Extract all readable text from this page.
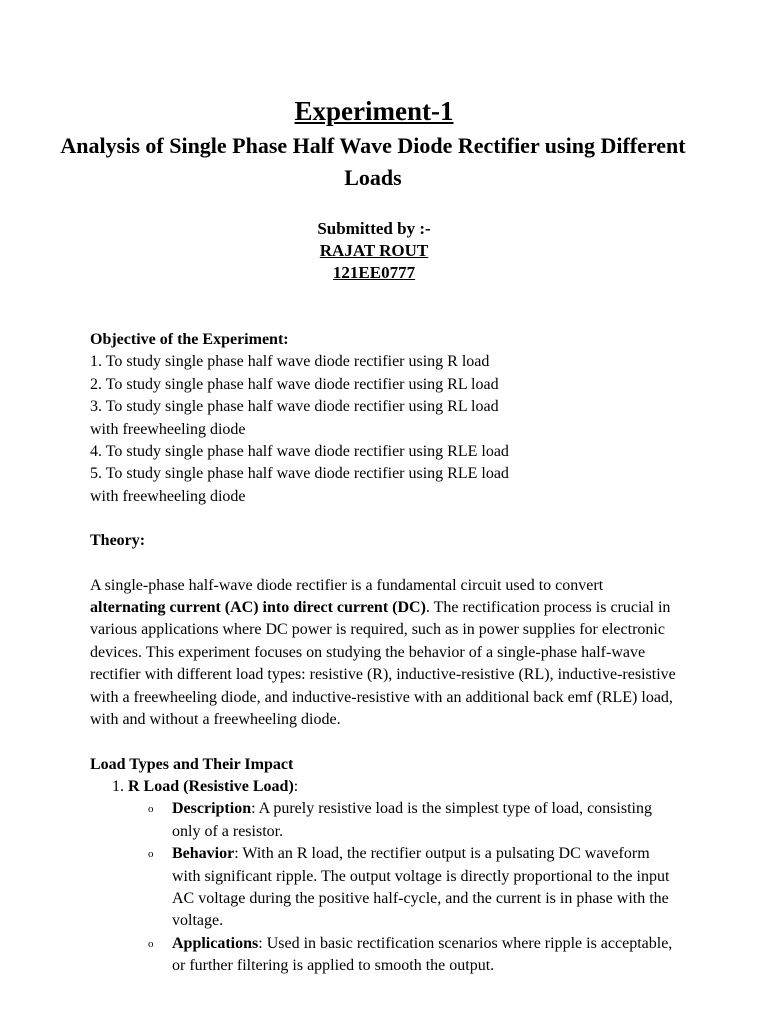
Experiment-1
Analysis of Single Phase Half Wave Diode Rectifier using Different Loads
Submitted by :-
RAJAT ROUT
121EE0777

Objective of the Experiment:

1. To study single phase half wave diode rectifier using R load

2. To study single phase half wave diode rectifier using RL load

3. To study single phase half wave diode rectifier using RL load

with freewheeling diode

4. To study single phase half wave diode rectifier using RLE load

5. To study single phase half wave diode rectifier using RLE load

with freewheeling diode

Theory:

A single-phase half-wave diode rectifier is a fundamental circuit used to convert alternating current (AC) into direct current (DC). The rectification process is crucial in various applications where DC power is required, such as in power supplies for electronic devices. This experiment focuses on studying the behavior of a single-phase half-wave rectifier with different load types: resistive (R), inductive-resistive (RL), inductive-resistive with a freewheeling diode, and inductive-resistive with an additional back emf (RLE) load, with and without a freewheeling diode.

Load Types and Their Impact

1. R Load (Resistive Load):
o Description: A purely resistive load is the simplest type of load, consisting only of a resistor.
o Behavior: With an R load, the rectifier output is a pulsating DC waveform with significant ripple. The output voltage is directly proportional to the input AC voltage during the positive half-cycle, and the current is in phase with the voltage.
o Applications: Used in basic rectification scenarios where ripple is acceptable, or further filtering is applied to smooth the output.
